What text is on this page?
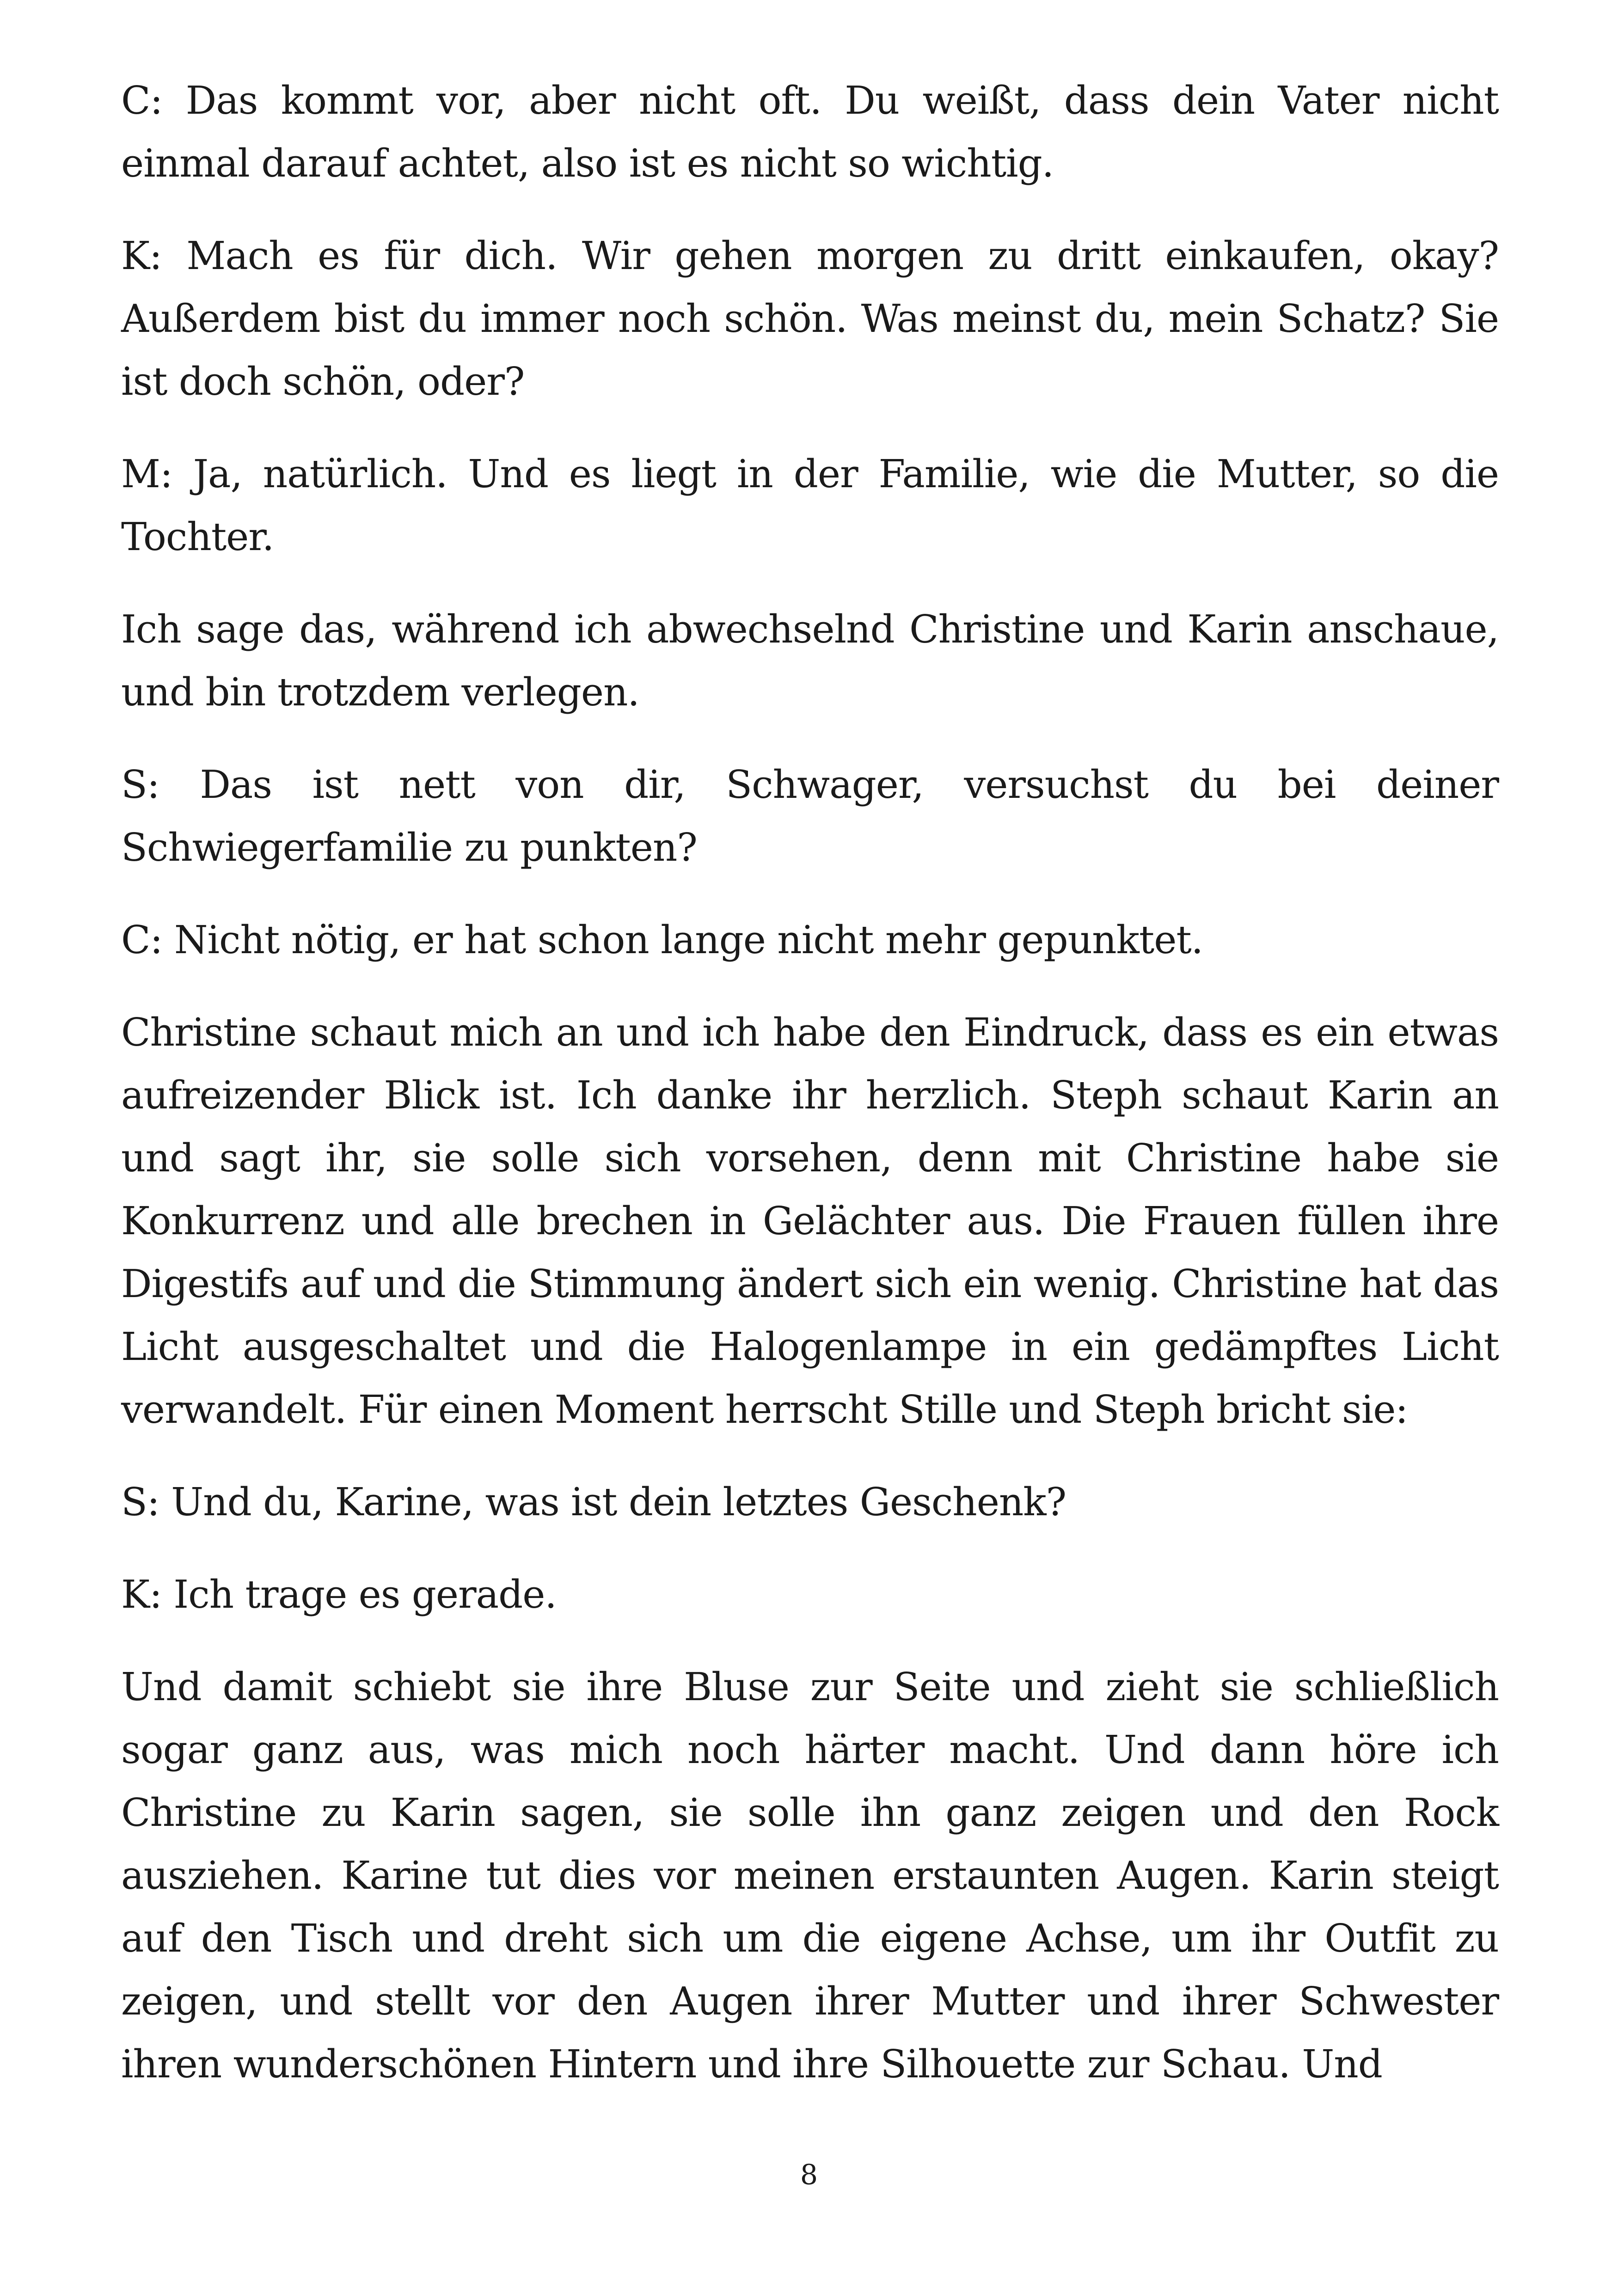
C: Das kommt vor, aber nicht oft. Du weißt, dass dein Vater nicht einmal darauf achtet, also ist es nicht so wichtig.

K: Mach es für dich. Wir gehen morgen zu dritt einkaufen, okay? Außerdem bist du immer noch schön. Was meinst du, mein Schatz? Sie ist doch schön, oder?

M: Ja, natürlich. Und es liegt in der Familie, wie die Mutter, so die Tochter.

Ich sage das, während ich abwechselnd Christine und Karin anschaue, und bin trotzdem verlegen.

S: Das ist nett von dir, Schwager, versuchst du bei deiner Schwiegerfamilie zu punkten?

C: Nicht nötig, er hat schon lange nicht mehr gepunktet.

Christine schaut mich an und ich habe den Eindruck, dass es ein etwas aufreizender Blick ist. Ich danke ihr herzlich. Steph schaut Karin an und sagt ihr, sie solle sich vorsehen, denn mit Christine habe sie Konkurrenz und alle brechen in Gelächter aus. Die Frauen füllen ihre Digestifs auf und die Stimmung ändert sich ein wenig. Christine hat das Licht ausgeschaltet und die Halogenlampe in ein gedämpftes Licht verwandelt. Für einen Moment herrscht Stille und Steph bricht sie:

S: Und du, Karine, was ist dein letztes Geschenk?

K: Ich trage es gerade.

Und damit schiebt sie ihre Bluse zur Seite und zieht sie schließlich sogar ganz aus, was mich noch härter macht. Und dann höre ich Christine zu Karin sagen, sie solle ihn ganz zeigen und den Rock ausziehen. Karine tut dies vor meinen erstaunten Augen. Karin steigt auf den Tisch und dreht sich um die eigene Achse, um ihr Outfit zu zeigen, und stellt vor den Augen ihrer Mutter und ihrer Schwester ihren wunderschönen Hintern und ihre Silhouette zur Schau. Und

8
